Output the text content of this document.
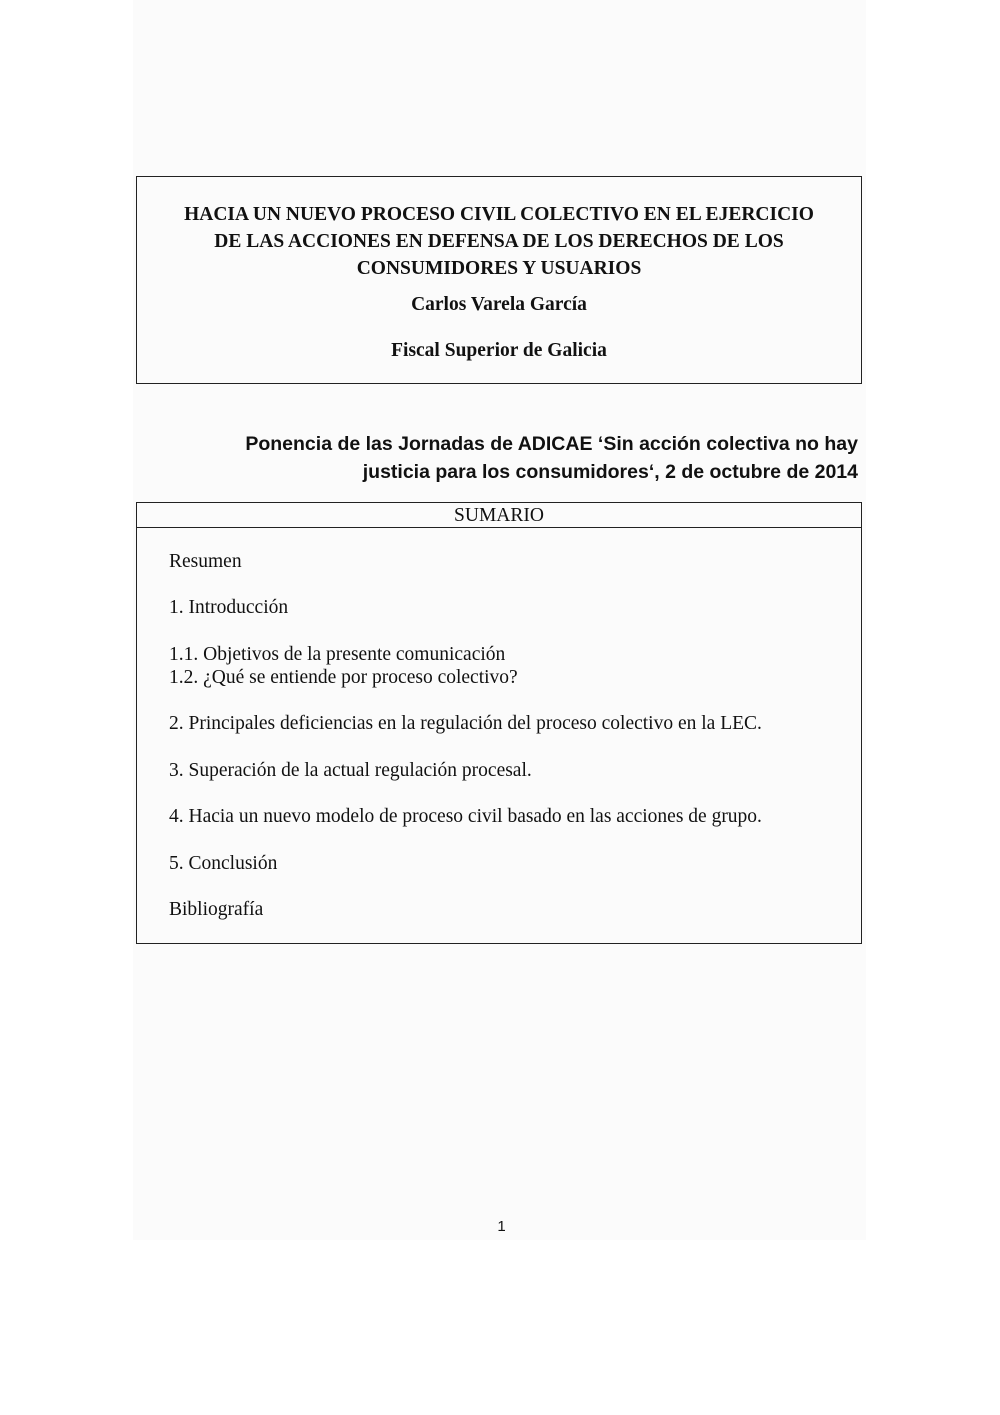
HACIA UN NUEVO PROCESO CIVIL COLECTIVO EN EL EJERCICIO
DE LAS ACCIONES EN DEFENSA DE LOS DERECHOS DE LOS
CONSUMIDORES Y USUARIOS
Carlos Varela García
Fiscal Superior de Galicia
Ponencia de las Jornadas de ADICAE ‘Sin acción colectiva no hay
justicia para los consumidores‘, 2 de octubre de 2014
SUMARIO
Resumen
1. Introducción
1.1. Objetivos de la presente comunicación
1.2. ¿Qué se entiende por proceso colectivo?
2. Principales deficiencias en la regulación del proceso colectivo en la LEC.
3. Superación de la actual regulación procesal.
4. Hacia un nuevo modelo de proceso civil basado en las acciones de grupo.
5. Conclusión
Bibliografía
1
